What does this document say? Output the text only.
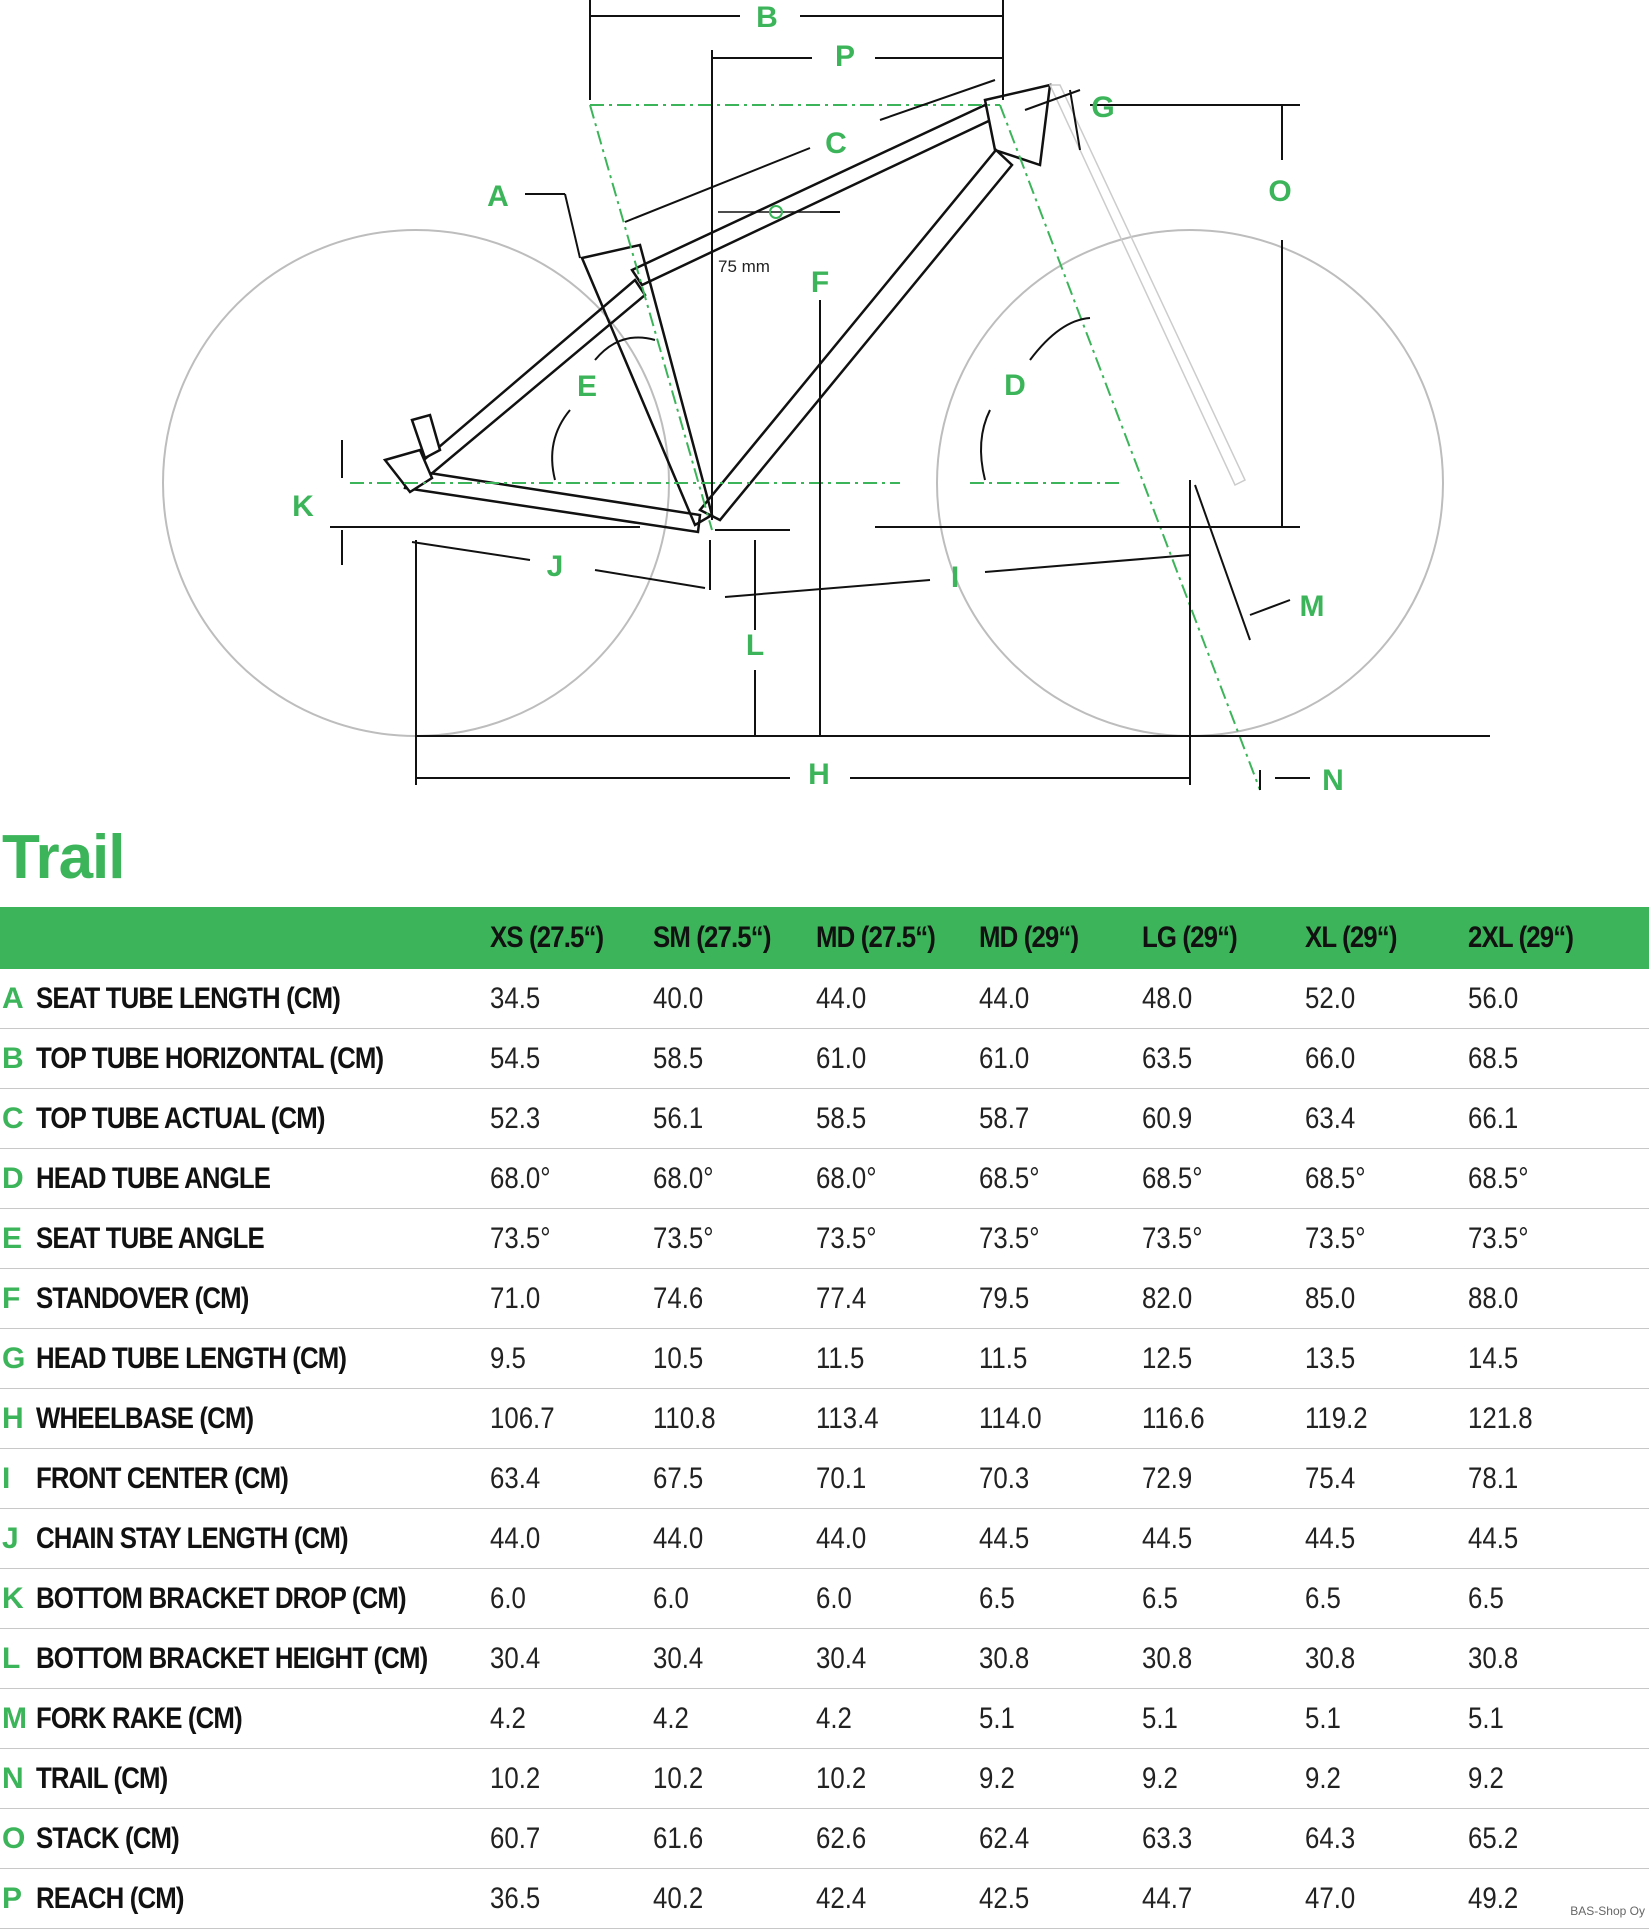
75 mm
A
B
C
D
E
F
G
H
I
J
K
L
M
N
O
P
Trail
		XS (27.5“)	SM (27.5“)	MD (27.5“)	MD (29“)	LG (29“)	XL (29“)	2XL (29“)
A	SEAT TUBE LENGTH (CM)	34.5	40.0	44.0	44.0	48.0	52.0	56.0
B	TOP TUBE HORIZONTAL (CM)	54.5	58.5	61.0	61.0	63.5	66.0	68.5
C	TOP TUBE ACTUAL (CM)	52.3	56.1	58.5	58.7	60.9	63.4	66.1
D	HEAD TUBE ANGLE	68.0°	68.0°	68.0°	68.5°	68.5°	68.5°	68.5°
E	SEAT TUBE ANGLE	73.5°	73.5°	73.5°	73.5°	73.5°	73.5°	73.5°
F	STANDOVER (CM)	71.0	74.6	77.4	79.5	82.0	85.0	88.0
G	HEAD TUBE LENGTH (CM)	9.5	10.5	11.5	11.5	12.5	13.5	14.5
H	WHEELBASE (CM)	106.7	110.8	113.4	114.0	116.6	119.2	121.8
I	FRONT CENTER (CM)	63.4	67.5	70.1	70.3	72.9	75.4	78.1
J	CHAIN STAY LENGTH (CM)	44.0	44.0	44.0	44.5	44.5	44.5	44.5
K	BOTTOM BRACKET DROP (CM)	6.0	6.0	6.0	6.5	6.5	6.5	6.5
L	BOTTOM BRACKET HEIGHT (CM)	30.4	30.4	30.4	30.8	30.8	30.8	30.8
M	FORK RAKE (CM)	4.2	4.2	4.2	5.1	5.1	5.1	5.1
N	TRAIL (CM)	10.2	10.2	10.2	9.2	9.2	9.2	9.2
O	STACK (CM)	60.7	61.6	62.6	62.4	63.3	64.3	65.2
P	REACH (CM)	36.5	40.2	42.4	42.5	44.7	47.0	49.2	BAS-Shop Oy
